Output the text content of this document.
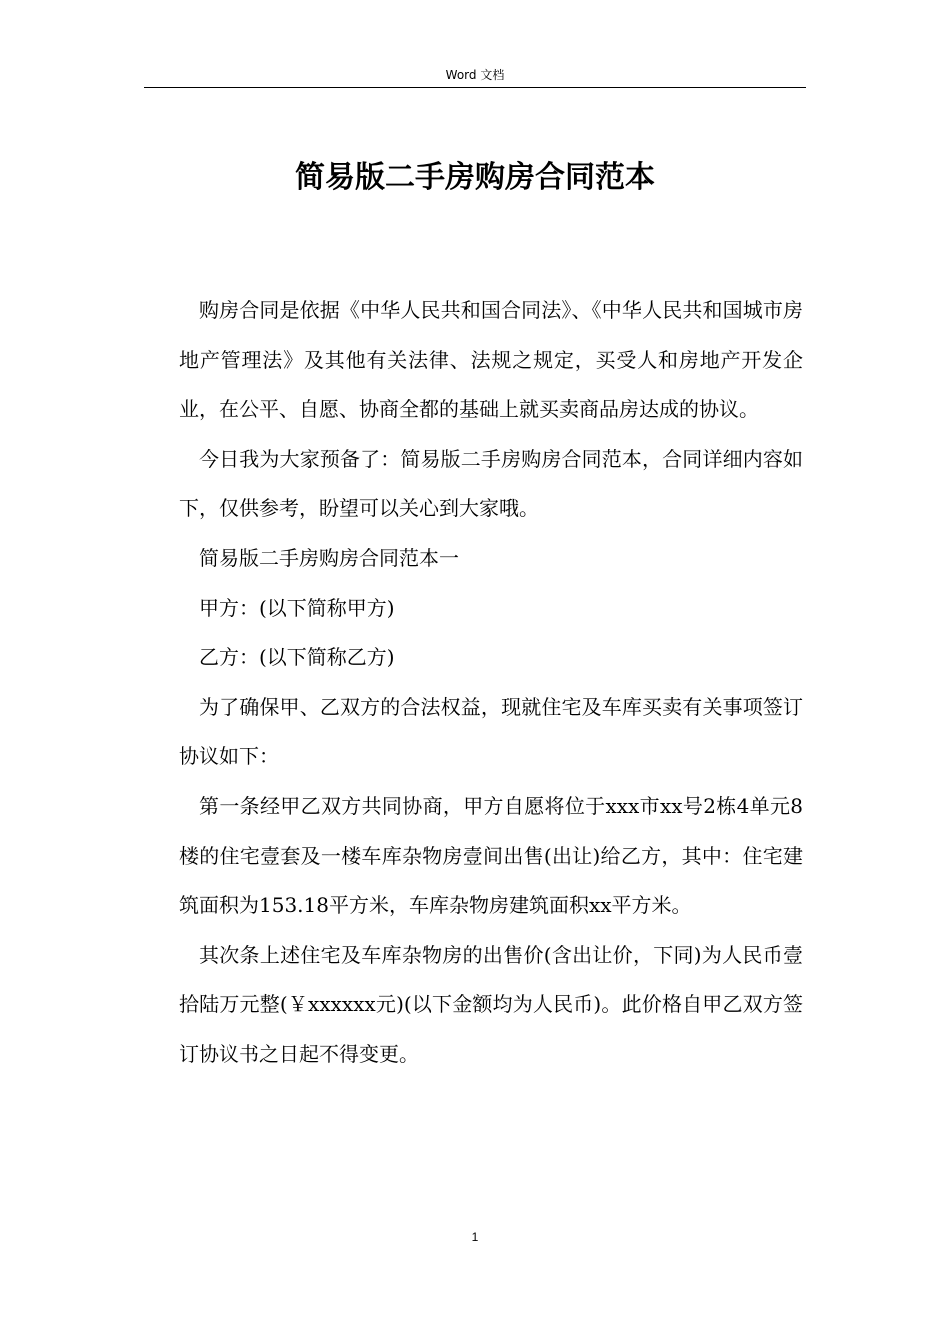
Word 文档
简易版二手房购房合同范本

购房合同是依据《中华人民共和国合同法》、《中华人民共和国城市房地产管理法》及其他有关法律、法规之规定，买受人和房地产开发企业，在公平、自愿、协商全都的基础上就买卖商品房达成的协议。

今日我为大家预备了：简易版二手房购房合同范本，合同详细内容如下，仅供参考，盼望可以关心到大家哦。

简易版二手房购房合同范本一

甲方：(以下简称甲方)

乙方：(以下简称乙方)

为了确保甲、乙双方的合法权益，现就住宅及车库买卖有关事项签订协议如下：

第一条经甲乙双方共同协商，甲方自愿将位于xxx市xx号2栋4单元8楼的住宅壹套及一楼车库杂物房壹间出售(出让)给乙方，其中：住宅建筑面积为153.18平方米，车库杂物房建筑面积xx平方米。

其次条上述住宅及车库杂物房的出售价(含出让价，下同)为人民币壹拾陆万元整(￥xxxxxx元)(以下金额均为人民币)。此价格自甲乙双方签订协议书之日起不得变更。

1
